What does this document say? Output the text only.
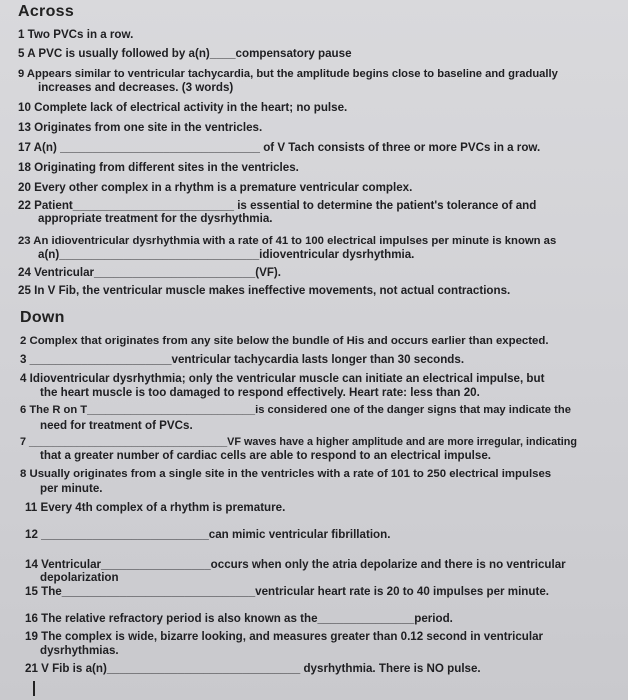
Across
1 Two PVCs in a row.
5 A PVC is usually followed by a(n)____compensatory pause
9 Appears similar to ventricular tachycardia, but the amplitude begins close to baseline and gradually
increases and decreases. (3 words)
10 Complete lack of electrical activity in the heart; no pulse.
13 Originates from one site in the ventricles.
17 A(n) _______________________________ of V Tach consists of three or more PVCs in a row.
18 Originating from different sites in the ventricles.
20 Every other complex in a rhythm is a premature ventricular complex.
22 Patient_________________________ is essential to determine the patient's tolerance of and
appropriate treatment for the dysrhythmia.
23 An idioventricular dysrhythmia with a rate of 41 to 100 electrical impulses per minute is known as
a(n)_______________________________idioventricular dysrhythmia.
24 Ventricular_________________________(VF).
25 In V Fib, the ventricular muscle makes ineffective movements, not actual contractions.
Down
2 Complex that originates from any site below the bundle of His and occurs earlier than expected.
3 ______________________ventricular tachycardia lasts longer than 30 seconds.
4 Idioventricular dysrhythmia; only the ventricular muscle can initiate an electrical impulse, but
the heart muscle is too damaged to respond effectively. Heart rate: less than 20.
6 The R on T___________________________is considered one of the danger signs that may indicate the
need for treatment of PVCs.
7 _________________________________VF waves have a higher amplitude and are more irregular, indicating
that a greater number of cardiac cells are able to respond to an electrical impulse.
8 Usually originates from a single site in the ventricles with a rate of 101 to 250 electrical impulses
per minute.
11 Every 4th complex of a rhythm is premature.
12 __________________________can mimic ventricular fibrillation.
14 Ventricular_________________occurs when only the atria depolarize and there is no ventricular
depolarization
15 The______________________________ventricular heart rate is 20 to 40 impulses per minute.
16 The relative refractory period is also known as the_______________period.
19 The complex is wide, bizarre looking, and measures greater than 0.12 second in ventricular
dysrhythmias.
21 V Fib is a(n)______________________________ dysrhythmia. There is NO pulse.
